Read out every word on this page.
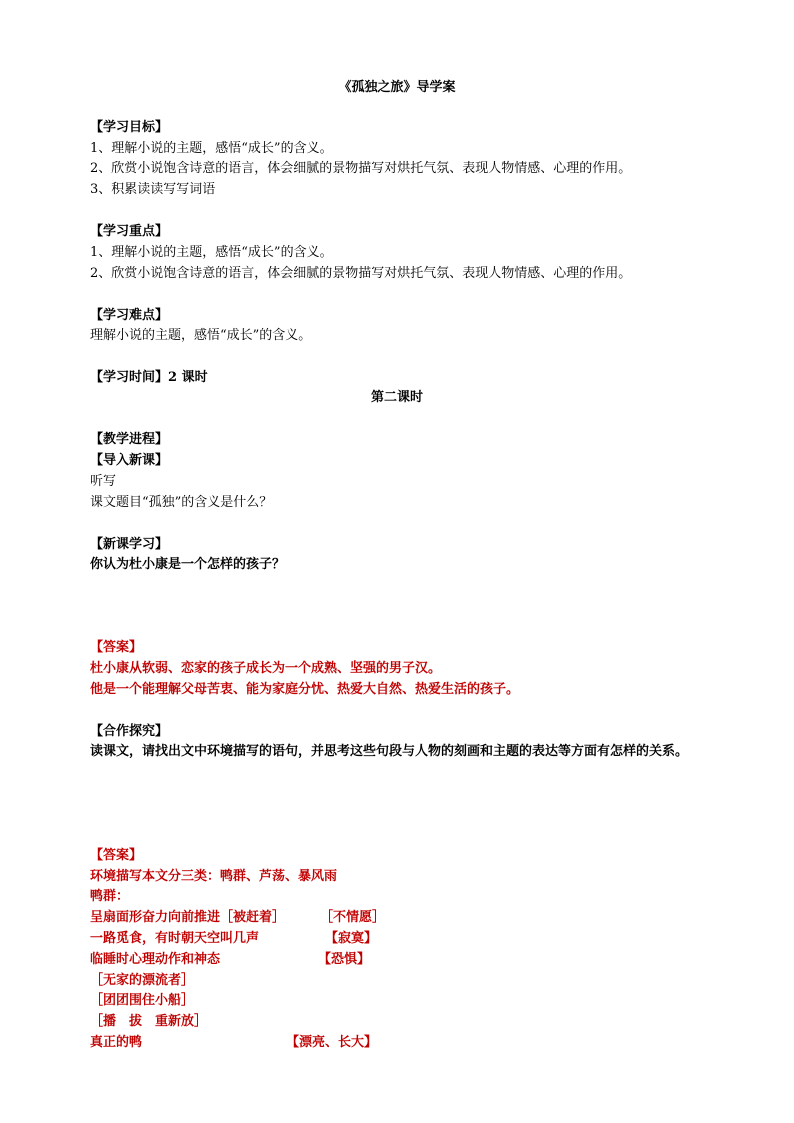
《孤独之旅》导学案
【学习目标】
1、理解小说的主题，感悟“成长”的含义。
2、欣赏小说饱含诗意的语言，体会细腻的景物描写对烘托气氛、表现人物情感、心理的作用。
3、积累读读写写词语
【学习重点】
1、理解小说的主题，感悟“成长”的含义。
2、欣赏小说饱含诗意的语言，体会细腻的景物描写对烘托气氛、表现人物情感、心理的作用。
【学习难点】
理解小说的主题，感悟“成长”的含义。
【学习时间】2 课时
第二课时
【教学进程】
【导入新课】
听写
课文题目“孤独”的含义是什么？
【新课学习】
你认为杜小康是一个怎样的孩子？
【答案】
杜小康从软弱、恋家的孩子成长为一个成熟、坚强的男子汉。
他是一个能理解父母苦衷、能为家庭分忧、热爱大自然、热爱生活的孩子。
【合作探究】
读课文，请找出文中环境描写的语句，并思考这些句段与人物的刻画和主题的表达等方面有怎样的关系。
【答案】
环境描写本文分三类：鸭群、芦荡、暴风雨
鸭群：
呈扇面形奋力向前推进［被赶着］	［不情愿］
一路觅食，有时朝天空叫几声	【寂寞】
临睡时心理动作和神态	【恐惧】
［无家的漂流者］
［团团围住小船］
［播　拔　重新放］
真正的鸭	【漂亮、长大】
